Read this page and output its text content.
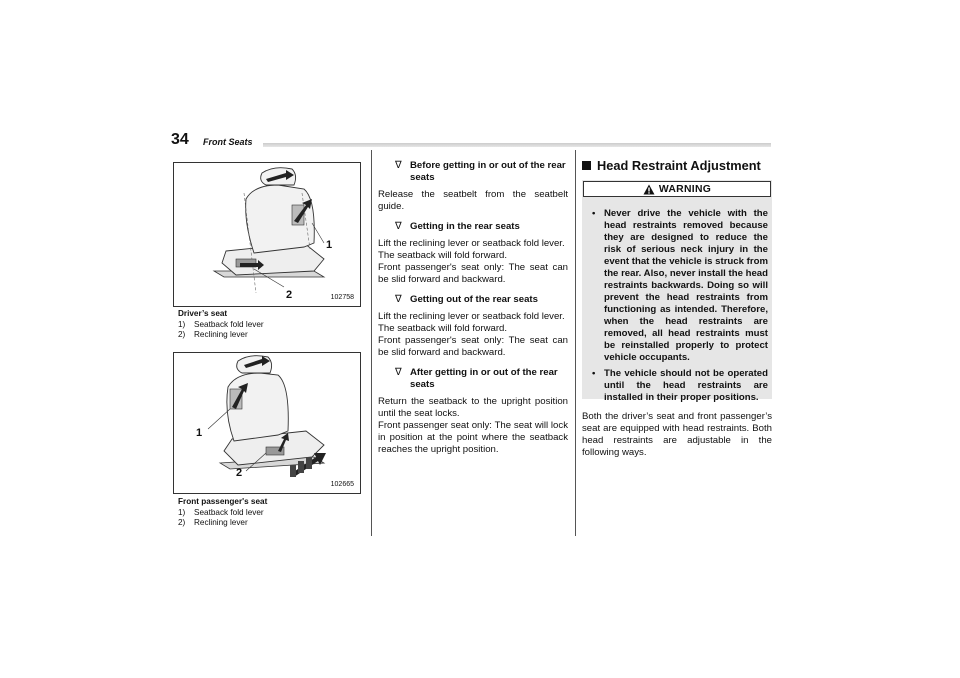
34 Front Seats
1
2	102758
Driver’s seat
1) Seatback fold lever
2) Reclining lever
1
2
102665
Front passenger's seat
1) Seatback fold lever
2) Reclining lever
∇ Before getting in or out of the rear seats

Release the seatbelt from the seatbelt guide.

∇ Getting in the rear seats

Lift the reclining lever or seatback fold lever.

The seatback will fold forward.

Front passenger's seat only: The seat can be slid forward and backward.

∇ Getting out of the rear seats

Lift the reclining lever or seatback fold lever.

The seatback will fold forward.

Front passenger's seat only: The seat can be slid forward and backward.

∇ After getting in or out of the rear seats

Return the seatback to the upright position until the seat locks.

Front passenger seat only: The seat will lock in position at the point where the seatback reaches the upright position.

Head Restraint Adjustment
WARNING
• Never drive the vehicle with the head restraints removed because they are designed to reduce the risk of serious neck injury in the event that the vehicle is struck from the rear. Also, never install the head restraints backwards. Doing so will prevent the head restraints from functioning as intended. Therefore, when the head restraints are removed, all head restraints must be reinstalled properly to protect vehicle occupants.
• The vehicle should not be operated until the head restraints are installed in their proper positions.

Both the driver’s seat and front passenger’s seat are equipped with head restraints. Both head restraints are adjustable in the following ways.
